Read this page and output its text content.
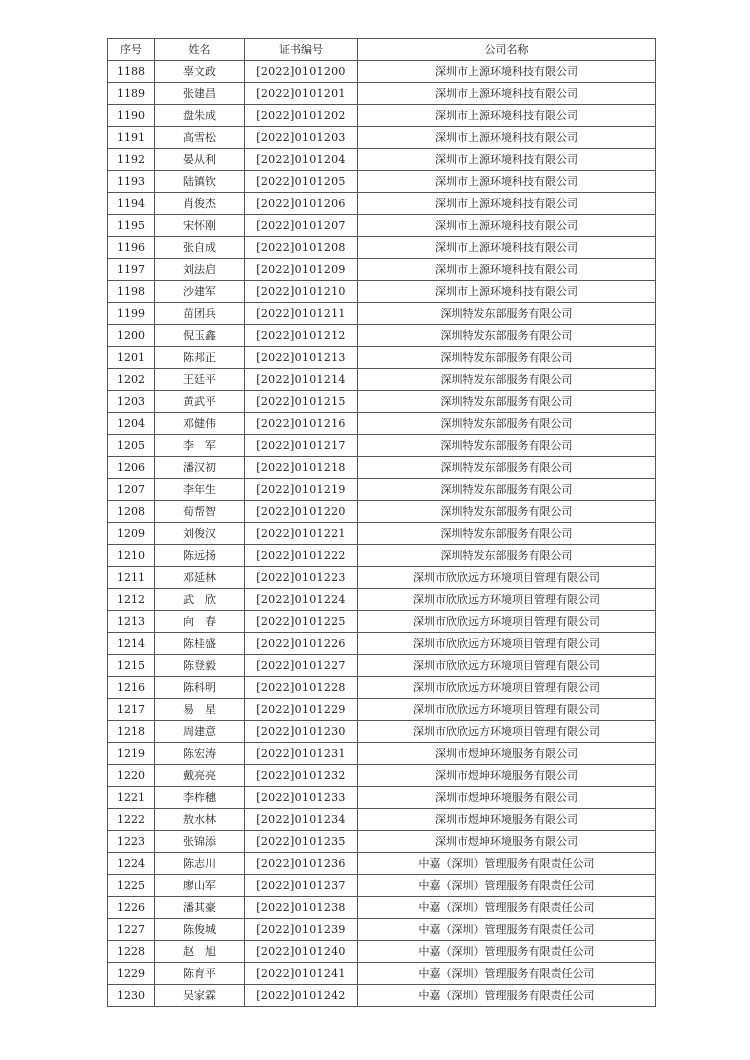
序号	姓名	证书编号	公司名称
1188	辜文政	[2022]0101200	深圳市上源环境科技有限公司
1189	张建昌	[2022]0101201	深圳市上源环境科技有限公司
1190	盘朱成	[2022]0101202	深圳市上源环境科技有限公司
1191	高雪松	[2022]0101203	深圳市上源环境科技有限公司
1192	晏从利	[2022]0101204	深圳市上源环境科技有限公司
1193	陆镇钦	[2022]0101205	深圳市上源环境科技有限公司
1194	肖俊杰	[2022]0101206	深圳市上源环境科技有限公司
1195	宋怀刚	[2022]0101207	深圳市上源环境科技有限公司
1196	张自成	[2022]0101208	深圳市上源环境科技有限公司
1197	刘法启	[2022]0101209	深圳市上源环境科技有限公司
1198	沙建军	[2022]0101210	深圳市上源环境科技有限公司
1199	苗团兵	[2022]0101211	深圳特发东部服务有限公司
1200	倪玉鑫	[2022]0101212	深圳特发东部服务有限公司
1201	陈邦正	[2022]0101213	深圳特发东部服务有限公司
1202	王廷平	[2022]0101214	深圳特发东部服务有限公司
1203	黄武平	[2022]0101215	深圳特发东部服务有限公司
1204	邓健伟	[2022]0101216	深圳特发东部服务有限公司
1205	李　军	[2022]0101217	深圳特发东部服务有限公司
1206	潘汉初	[2022]0101218	深圳特发东部服务有限公司
1207	李年生	[2022]0101219	深圳特发东部服务有限公司
1208	荀帮智	[2022]0101220	深圳特发东部服务有限公司
1209	刘俊汉	[2022]0101221	深圳特发东部服务有限公司
1210	陈远扬	[2022]0101222	深圳特发东部服务有限公司
1211	邓延林	[2022]0101223	深圳市欣欣远方环境项目管理有限公司
1212	武　欣	[2022]0101224	深圳市欣欣远方环境项目管理有限公司
1213	向　春	[2022]0101225	深圳市欣欣远方环境项目管理有限公司
1214	陈桂盛	[2022]0101226	深圳市欣欣远方环境项目管理有限公司
1215	陈登毅	[2022]0101227	深圳市欣欣远方环境项目管理有限公司
1216	陈科明	[2022]0101228	深圳市欣欣远方环境项目管理有限公司
1217	易　星	[2022]0101229	深圳市欣欣远方环境项目管理有限公司
1218	周建意	[2022]0101230	深圳市欣欣远方环境项目管理有限公司
1219	陈宏涛	[2022]0101231	深圳市煜坤环境服务有限公司
1220	戴亮亮	[2022]0101232	深圳市煜坤环境服务有限公司
1221	李柞穗	[2022]0101233	深圳市煜坤环境服务有限公司
1222	敖水林	[2022]0101234	深圳市煜坤环境服务有限公司
1223	张锦添	[2022]0101235	深圳市煜坤环境服务有限公司
1224	陈志川	[2022]0101236	中嘉（深圳）管理服务有限责任公司
1225	廖山军	[2022]0101237	中嘉（深圳）管理服务有限责任公司
1226	潘其豪	[2022]0101238	中嘉（深圳）管理服务有限责任公司
1227	陈俊城	[2022]0101239	中嘉（深圳）管理服务有限责任公司
1228	赵　旭	[2022]0101240	中嘉（深圳）管理服务有限责任公司
1229	陈育平	[2022]0101241	中嘉（深圳）管理服务有限责任公司
1230	吴家霖	[2022]0101242	中嘉（深圳）管理服务有限责任公司
